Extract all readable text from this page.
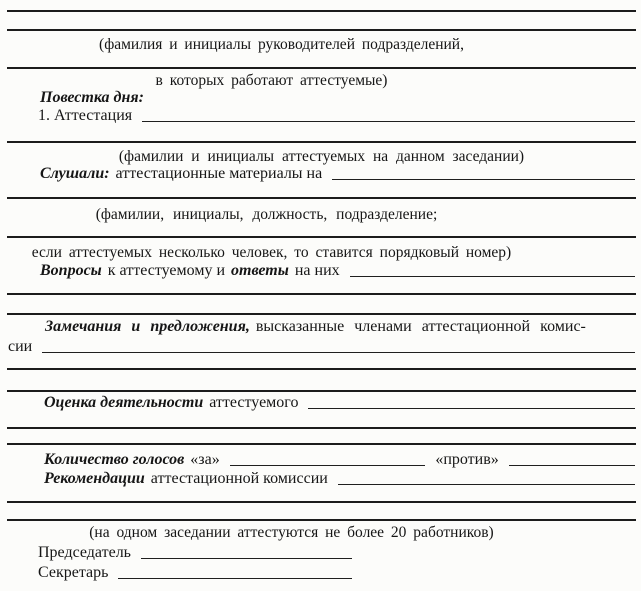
(фамилия и инициалы руководителей подразделений,
в которых работают аттестуемые)
Повестка дня:
1. Аттестация
(фамилии и инициалы аттестуемых на данном заседании)
Слушали: аттестационные материалы на
(фамилии, инициалы, должность, подразделение;
если аттестуемых несколько человек, то ставится порядковый номер)
Вопросы к аттестуемому и ответы на них
Замечания и предложения, высказанные членами аттестационной комис-
сии
Оценка деятельности аттестуемого
Количество голосов «за»	«против»
Рекомендации аттестационной комиссии
(на одном заседании аттестуются не более 20 работников)
Председатель
Секретарь
